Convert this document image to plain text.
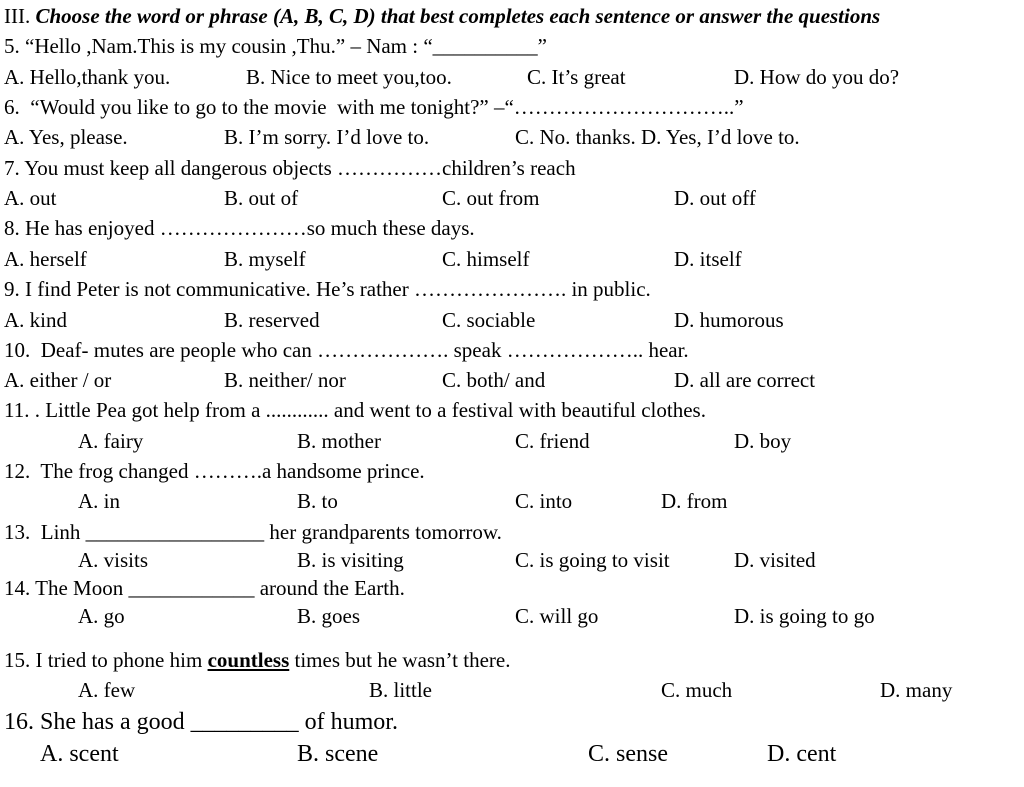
III. Choose the word or phrase (A, B, C, D) that best completes each sentence or answer the questions
5. “Hello ,Nam.This is my cousin ,Thu.” – Nam : “__________”
A. Hello,thank you.	B. Nice to meet you,too.	C. It’s great	D. How do you do?
6.  “Would you like to go to the movie  with me tonight?” –“…………………………..”
A. Yes, please.	B. I’m sorry. I’d love to.	C. No. thanks. D. Yes, I’d love to.
7. You must keep all dangerous objects ……………children’s reach
A. out	B. out of	C. out from	D. out off
8. He has enjoyed …………………so much these days.
A. herself	B. myself	C. himself	D. itself
9. I find Peter is not communicative. He’s rather …………………. in public.
A. kind	B. reserved	C. sociable	D. humorous
10.  Deaf- mutes are people who can ………………. speak ……………….. hear.
A. either / or	B. neither/ nor	C. both/ and	D. all are correct
11. . Little Pea got help from a ............ and went to a festival with beautiful clothes.
A. fairy	B. mother	C. friend	D. boy
12.  The frog changed ……….a handsome prince.
A. in	B. to	C. into	D. from
13.  Linh _________________ her grandparents tomorrow.
A. visits	B. is visiting	C. is going to visit	D. visited
14. The Moon ____________ around the Earth.
A. go	B. goes	C. will go	D. is going to go
15. I tried to phone him countless times but he wasn’t there.
A. few	B. little	C. much	D. many
16. She has a good _________ of humor.
A. scent	B. scene	C. sense	D. cent
